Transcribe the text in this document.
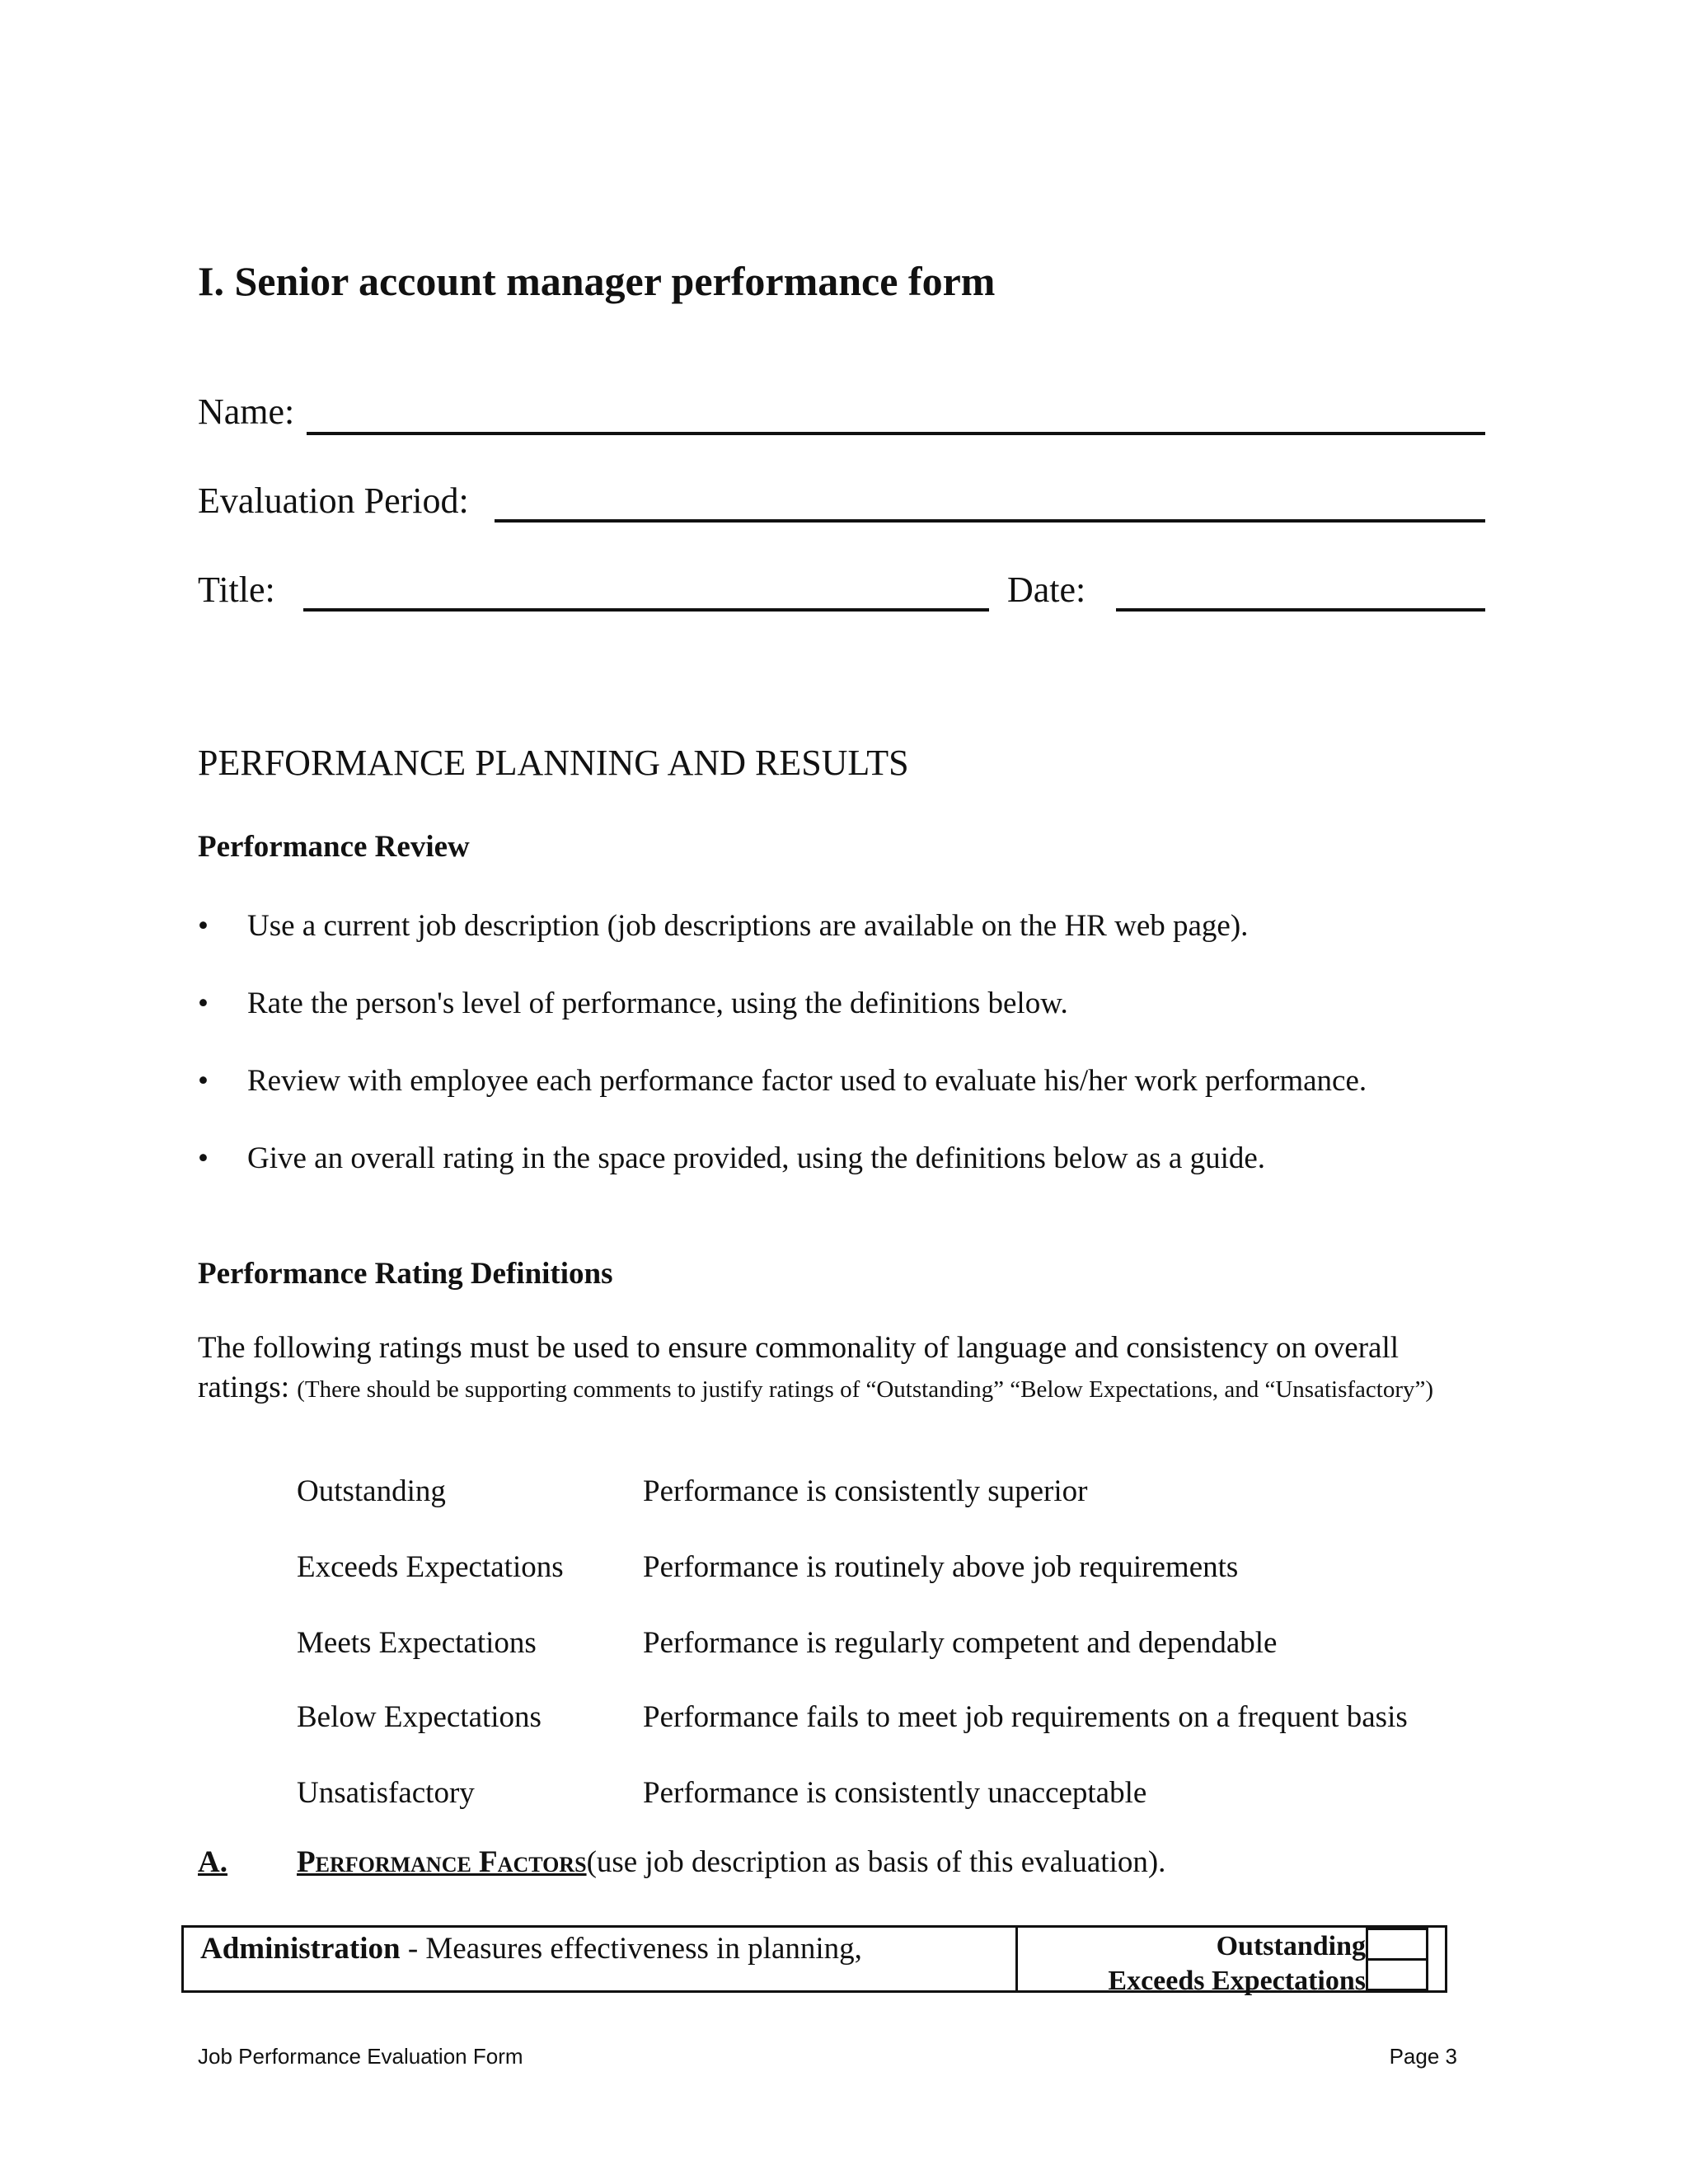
I. Senior account manager performance form
Name:
Evaluation Period:
Title:	Date:
PERFORMANCE PLANNING AND RESULTS
Performance Review
• Use a current job description (job descriptions are available on the HR web page).
• Rate the person's level of performance, using the definitions below.
• Review with employee each performance factor used to evaluate his/her work performance.
• Give an overall rating in the space provided, using the definitions below as a guide.
Performance Rating Definitions
The following ratings must be used to ensure commonality of language and consistency on overall ratings: (There should be supporting comments to justify ratings of “Outstanding” “Below Expectations, and “Unsatisfactory”)
Outstanding	Performance is consistently superior
Exceeds Expectations	Performance is routinely above job requirements
Meets Expectations	Performance is regularly competent and dependable
Below Expectations	Performance fails to meet job requirements on a frequent basis
Unsatisfactory	Performance is consistently unacceptable
A. Performance Factors(use job description as basis of this evaluation).
Administration - Measures effectiveness in planning,	Outstanding
Exceeds Expectations
Job Performance Evaluation Form	Page 3
